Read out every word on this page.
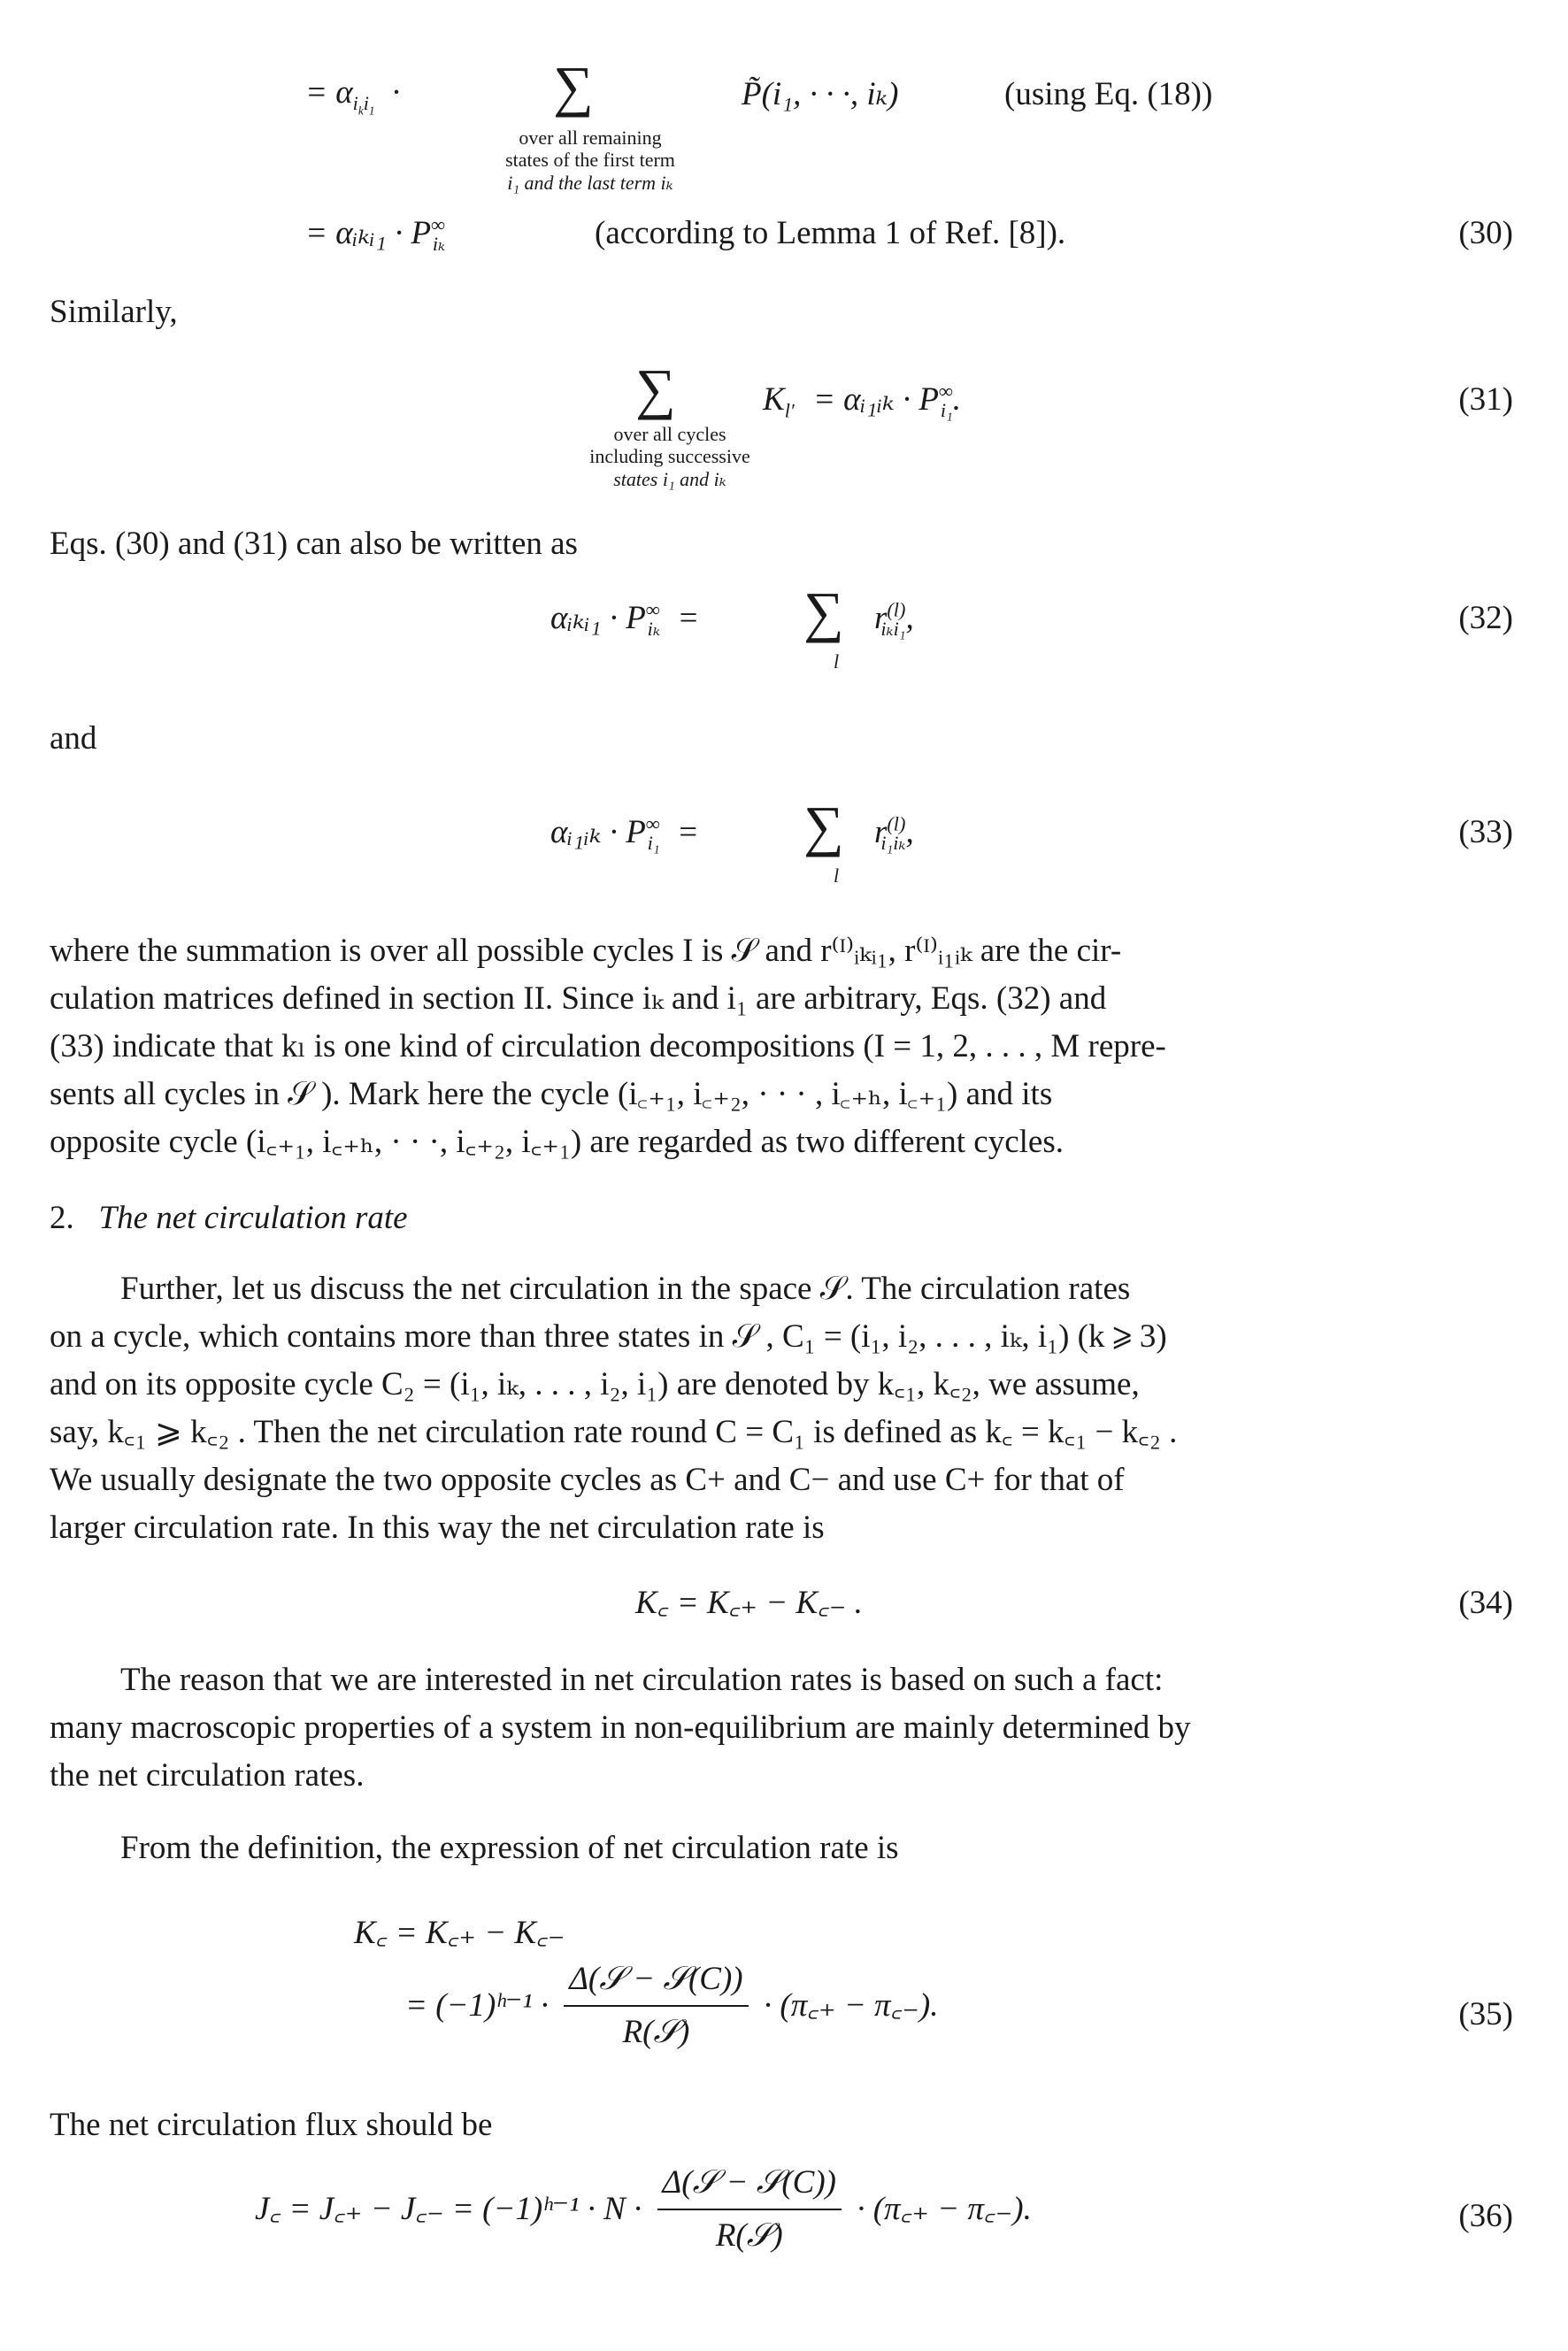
= $\alpha_{i_ki_1}$ ·	∑
over all remaining
states of the first term
i₁ and the last term iₖ
P̃(i₁, · · ·, iₖ)	(using Eq. (18))
= αᵢₖᵢ₁ · $P^\infty_{i_k}$	(according to Lemma 1 of Ref. [8]).	(30)
Similarly,
∑
over all cycles
including successive
states i₁ and iₖ
$K_{l'}$ = αᵢ₁ᵢₖ · $P^\infty_{i_1}$.	(31)
Eqs. (30) and (31) can also be written as
αᵢₖᵢ₁ · $P^\infty_{i_k}$ = ∑
l
$r^{(l)}_{i_ki_1}$,	(32)
and
αᵢ₁ᵢₖ · $P^\infty_{i_1}$ = ∑
l
$r^{(l)}_{i_1i_k}$,	(33)
where the summation is over all possible cycles I is 𝒮 and r⁽ᴵ⁾ᵢₖᵢ₁, r⁽ᴵ⁾ᵢ₁ᵢₖ are the cir-
culation matrices defined in section II. Since iₖ and i₁ are arbitrary, Eqs. (32) and
(33) indicate that kₗ is one kind of circulation decompositions (I = 1, 2, . . . , M repre-
sents all cycles in 𝒮 ). Mark here the cycle (i꜀₊₁, i꜀₊₂, · · · , i꜀₊ₕ, i꜀₊₁) and its
opposite cycle (i꜀₊₁, i꜀₊ₕ, · · ·, i꜀₊₂, i꜀₊₁) are regarded as two different cycles.
2. The net circulation rate
Further, let us discuss the net circulation in the space 𝒮. The circulation rates
on a cycle, which contains more than three states in 𝒮 , C₁ = (i₁, i₂, . . . , iₖ, i₁) (k ⩾ 3)
and on its opposite cycle C₂ = (i₁, iₖ, . . . , i₂, i₁) are denoted by k꜀₁, k꜀₂, we assume,
say, k꜀₁ ⩾ k꜀₂ . Then the net circulation rate round C = C₁ is defined as k꜀ = k꜀₁ − k꜀₂ .
We usually designate the two opposite cycles as C+ and C− and use C+ for that of
larger circulation rate. In this way the net circulation rate is
K꜀ = K꜀₊ − K꜀₋ .	(34)
The reason that we are interested in net circulation rates is based on such a fact:
many macroscopic properties of a system in non-equilibrium are mainly determined by
the net circulation rates.
From the definition, the expression of net circulation rate is
K꜀ = K꜀₊ − K꜀₋
= (−1)ʰ⁻¹ · $\frac{\text{Δ(𝒮 − 𝒮(C))}}{\text{R(𝒮)}}$ · (π꜀₊ − π꜀₋).	(35)
The net circulation flux should be
J꜀ = J꜀₊ − J꜀₋ = (−1)ʰ⁻¹ · $N \cdot \frac{\text{Δ(𝒮 − 𝒮(C))}}{\text{R(𝒮)}}$ · (π꜀₊ − π꜀₋).	(36)
